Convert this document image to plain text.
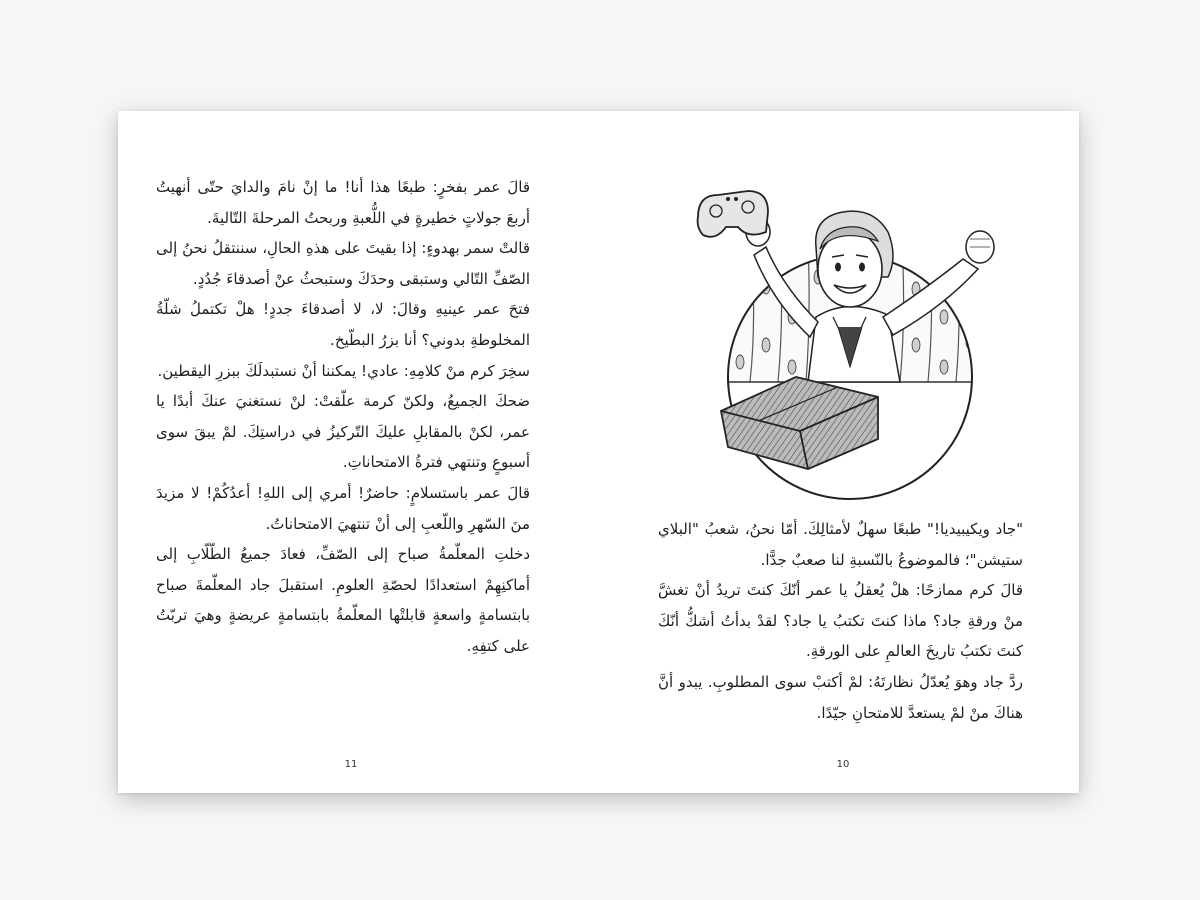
قالَ عمر بفخرٍ: طبعًا هذا أنا! ما إنْ نامَ والدايَ حتّى أنهيتُ أربعَ جولاتٍ خطيرةٍ في اللُّعبةِ وربحتُ المرحلةَ التّاليةَ.

قالتْ سمر بهدوءٍ: إذا بقيتَ على هذهِ الحالِ، سننتقلُ نحنُ إلى الصّفِّ التّالي وستبقى وحدَكَ وستبحثُ عنْ أصدقاءَ جُدُدٍ.

فتحَ عمر عينيهِ وقالَ: لا، لا أصدقاءَ جددٍ! هلْ تكتملُ شلّةُ المخلوطةِ بدوني؟ أنا بزرُ البطّيخ.

سخِرَ كرم منْ كلامِهِ: عادي! يمكننا أنْ نستبدلَكَ ببزرِ اليقطين.

ضحكَ الجميعُ، ولكنّ كرمة علّقتْ: لنْ نستغنيَ عنكَ أبدًا يا عمر، لكنْ بالمقابلِ عليكَ التّركيزُ في دراستِكَ. لمْ يبقَ سوى أسبوعٍ وتنتهي فترةُ الامتحاناتِ.

قالَ عمر باستسلامٍ: حاضرٌ! أمري إلى اللهِ! أعدُكُمْ! لا مزيدَ منَ السّهرِ واللّعبِ إلى أنْ تنتهيَ الامتحاناتُ.

دخلتِ المعلّمةُ صباح إلى الصّفِّ، فعادَ جميعُ الطّلّابِ إلى أماكنِهِمْ استعدادًا لحصّةِ العلومِ. استقبلَ جاد المعلّمةَ صباح بابتسامةٍ واسعةٍ قابلتْها المعلّمةُ بابتسامةٍ عريضةٍ وهيَ تربّتُ على كتفِهِ.

11

"جاد ويكيبيديا!" طبعًا سهلٌ لأمثالِكَ. أمّا نحنُ، شعبُ "البلاي ستيشن"؛ فالموضوعُ بالنّسبةِ لنا صعبٌ جدًّا.

قالَ كرم ممازحًا: هلْ يُعقلُ يا عمر أنّكَ كنتَ تريدُ أنْ تغشَّ منْ ورقةِ جاد؟ ماذا كنتَ تكتبُ يا جاد؟ لقدْ بدأتُ أشكُّ أنّكَ كنتَ تكتبُ تاريخَ العالمِ على الورقةِ.

ردَّ جاد وهوَ يُعدّلُ نظارتَهُ: لمْ أكتبْ سوى المطلوبِ. يبدو أنَّ هناكَ منْ لمْ يستعدَّ للامتحانِ جيّدًا.

10
